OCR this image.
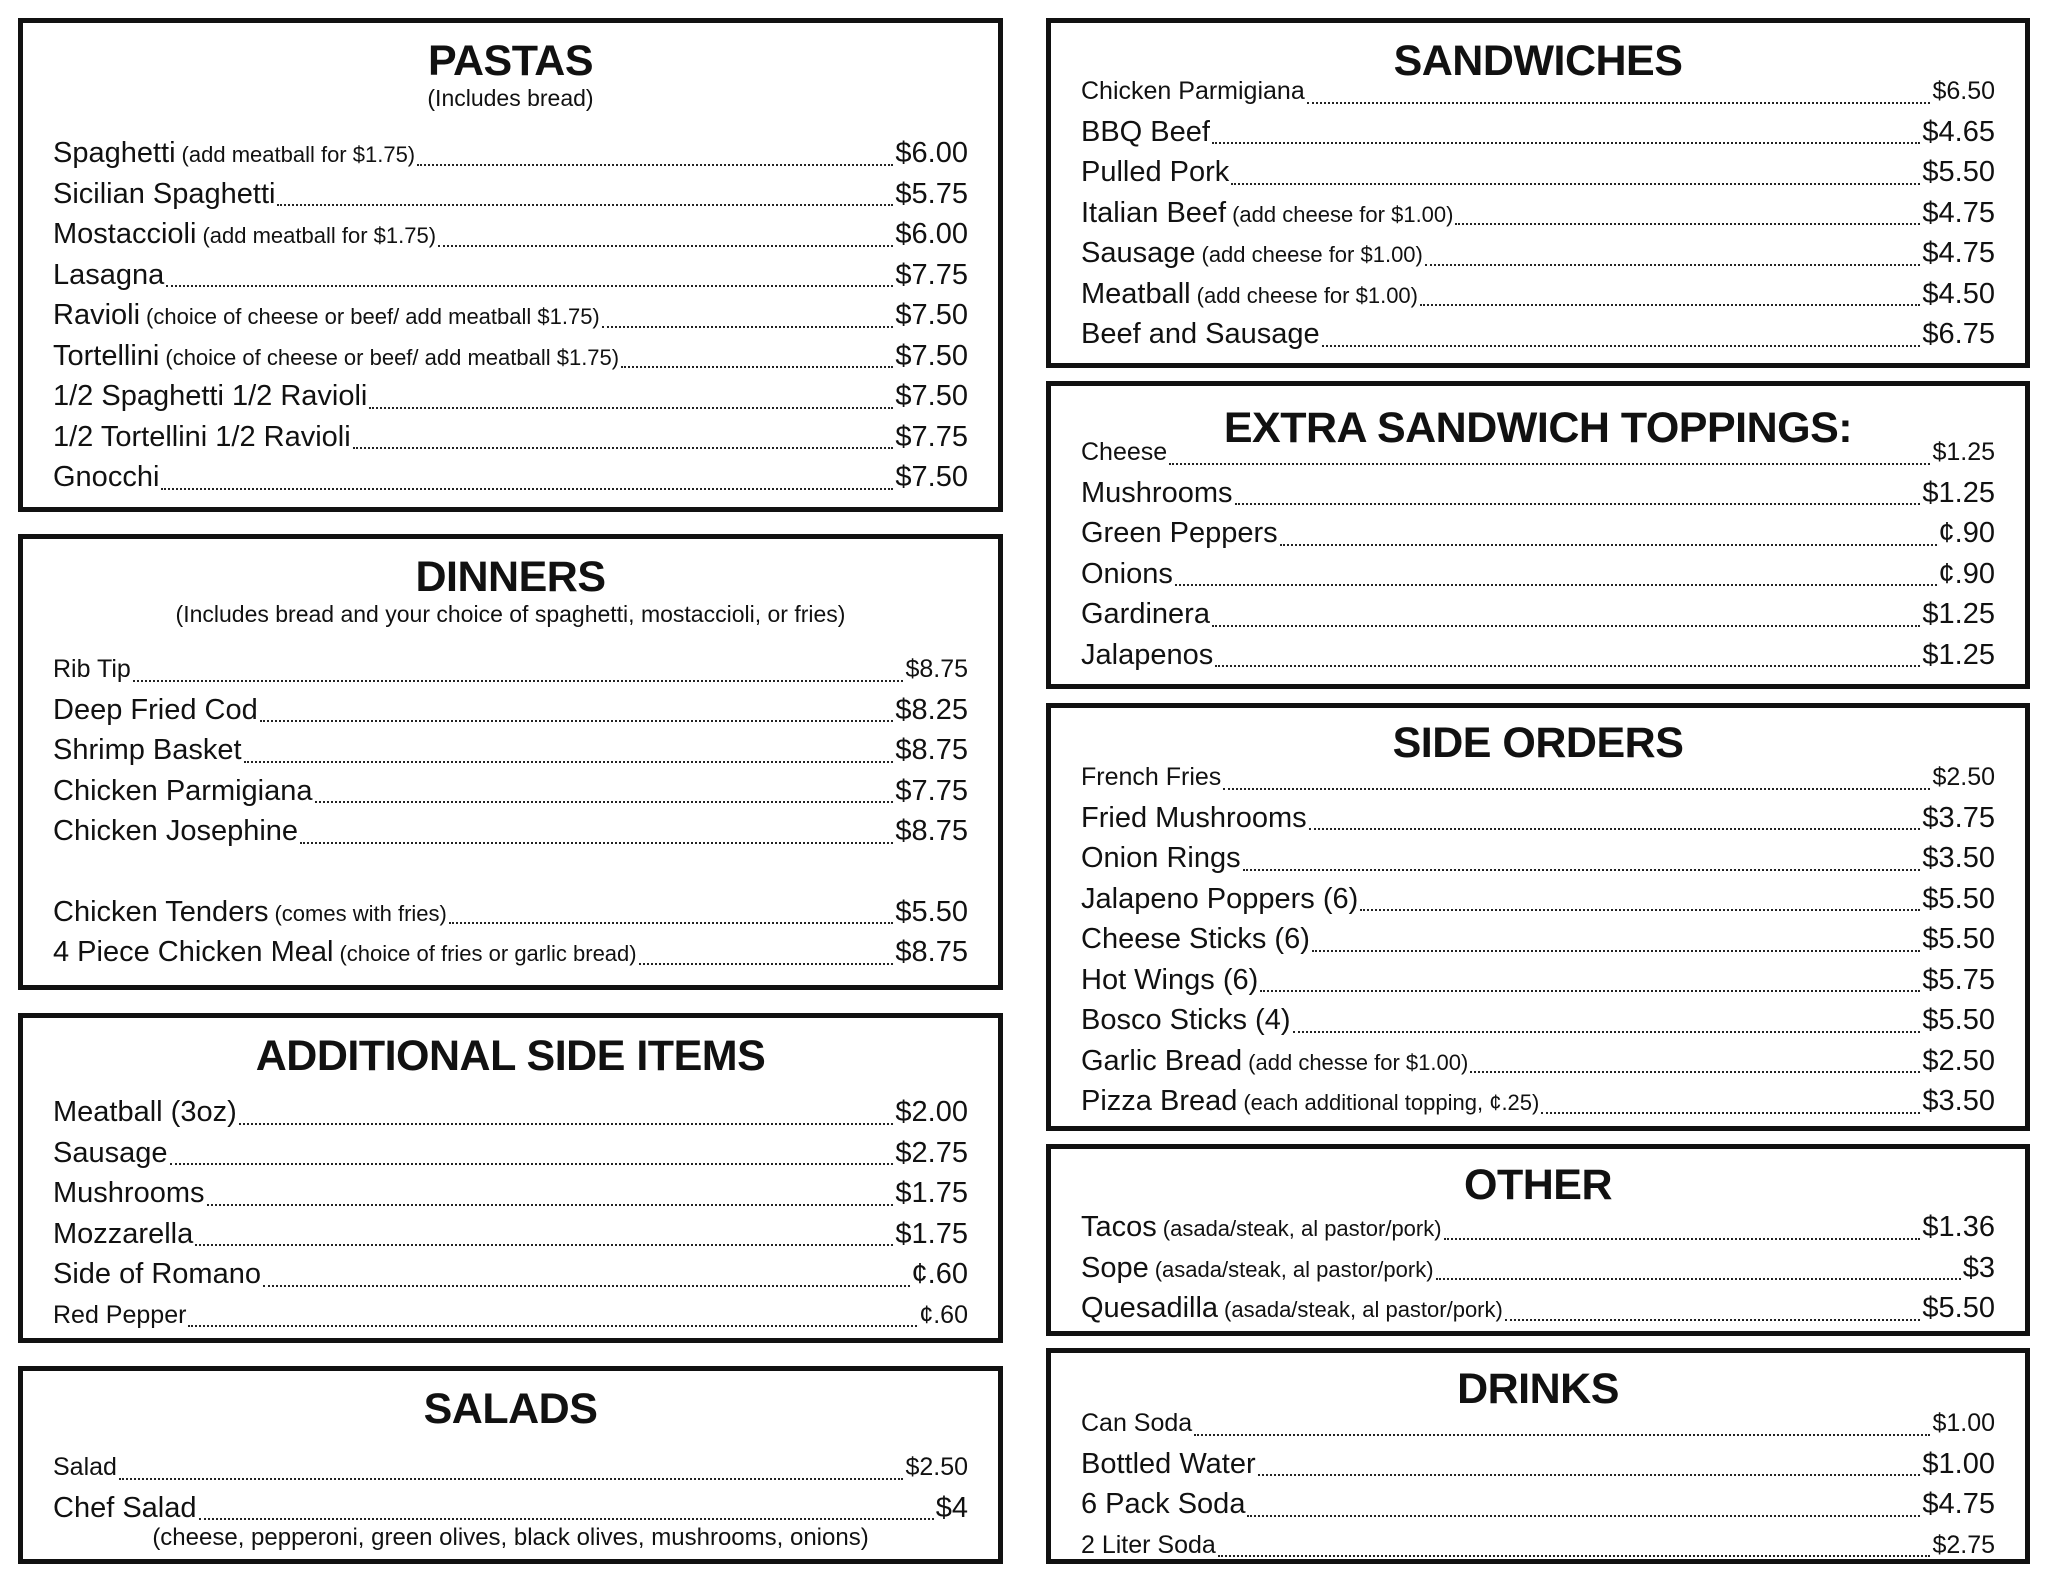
PASTAS
(Includes bread)
Spaghetti (add meatball for $1.75)	$6.00
Sicilian Spaghetti	$5.75
Mostaccioli (add meatball for $1.75)	$6.00
Lasagna	$7.75
Ravioli (choice of cheese or beef/ add meatball $1.75)	$7.50
Tortellini (choice of cheese or beef/ add meatball $1.75)	$7.50
1/2 Spaghetti 1/2 Ravioli	$7.50
1/2 Tortellini 1/2 Ravioli	$7.75
Gnocchi	$7.50
DINNERS
(Includes bread and your choice of spaghetti, mostaccioli, or fries)
Rib Tip	$8.75
Deep Fried Cod	$8.25
Shrimp Basket	$8.75
Chicken Parmigiana	$7.75
Chicken Josephine	$8.75
Chicken Tenders (comes with fries)	$5.50
4 Piece Chicken Meal (choice of fries or garlic bread)	$8.75
ADDITIONAL SIDE ITEMS
Meatball (3oz)	$2.00
Sausage	$2.75
Mushrooms	$1.75
Mozzarella	$1.75
Side of Romano	¢.60
Red Pepper	¢.60
SALADS
Salad	$2.50
Chef Salad	$4
(cheese, pepperoni, green olives, black olives, mushrooms, onions)
SANDWICHES
Chicken Parmigiana	$6.50
BBQ Beef	$4.65
Pulled Pork	$5.50
Italian Beef (add cheese for $1.00)	$4.75
Sausage (add cheese for $1.00)	$4.75
Meatball (add cheese for $1.00)	$4.50
Beef and Sausage	$6.75
EXTRA SANDWICH TOPPINGS:
Cheese	$1.25
Mushrooms	$1.25
Green Peppers	¢.90
Onions	¢.90
Gardinera	$1.25
Jalapenos	$1.25
SIDE ORDERS
French Fries	$2.50
Fried Mushrooms	$3.75
Onion Rings	$3.50
Jalapeno Poppers (6)	$5.50
Cheese Sticks (6)	$5.50
Hot Wings (6)	$5.75
Bosco Sticks (4)	$5.50
Garlic Bread (add chesse for $1.00)	$2.50
Pizza Bread (each additional topping, ¢.25)	$3.50
OTHER
Tacos (asada/steak, al pastor/pork)	$1.36
Sope (asada/steak, al pastor/pork)	$3
Quesadilla (asada/steak, al pastor/pork)	$5.50
DRINKS
Can Soda	$1.00
Bottled Water	$1.00
6 Pack Soda	$4.75
2 Liter Soda	$2.75
